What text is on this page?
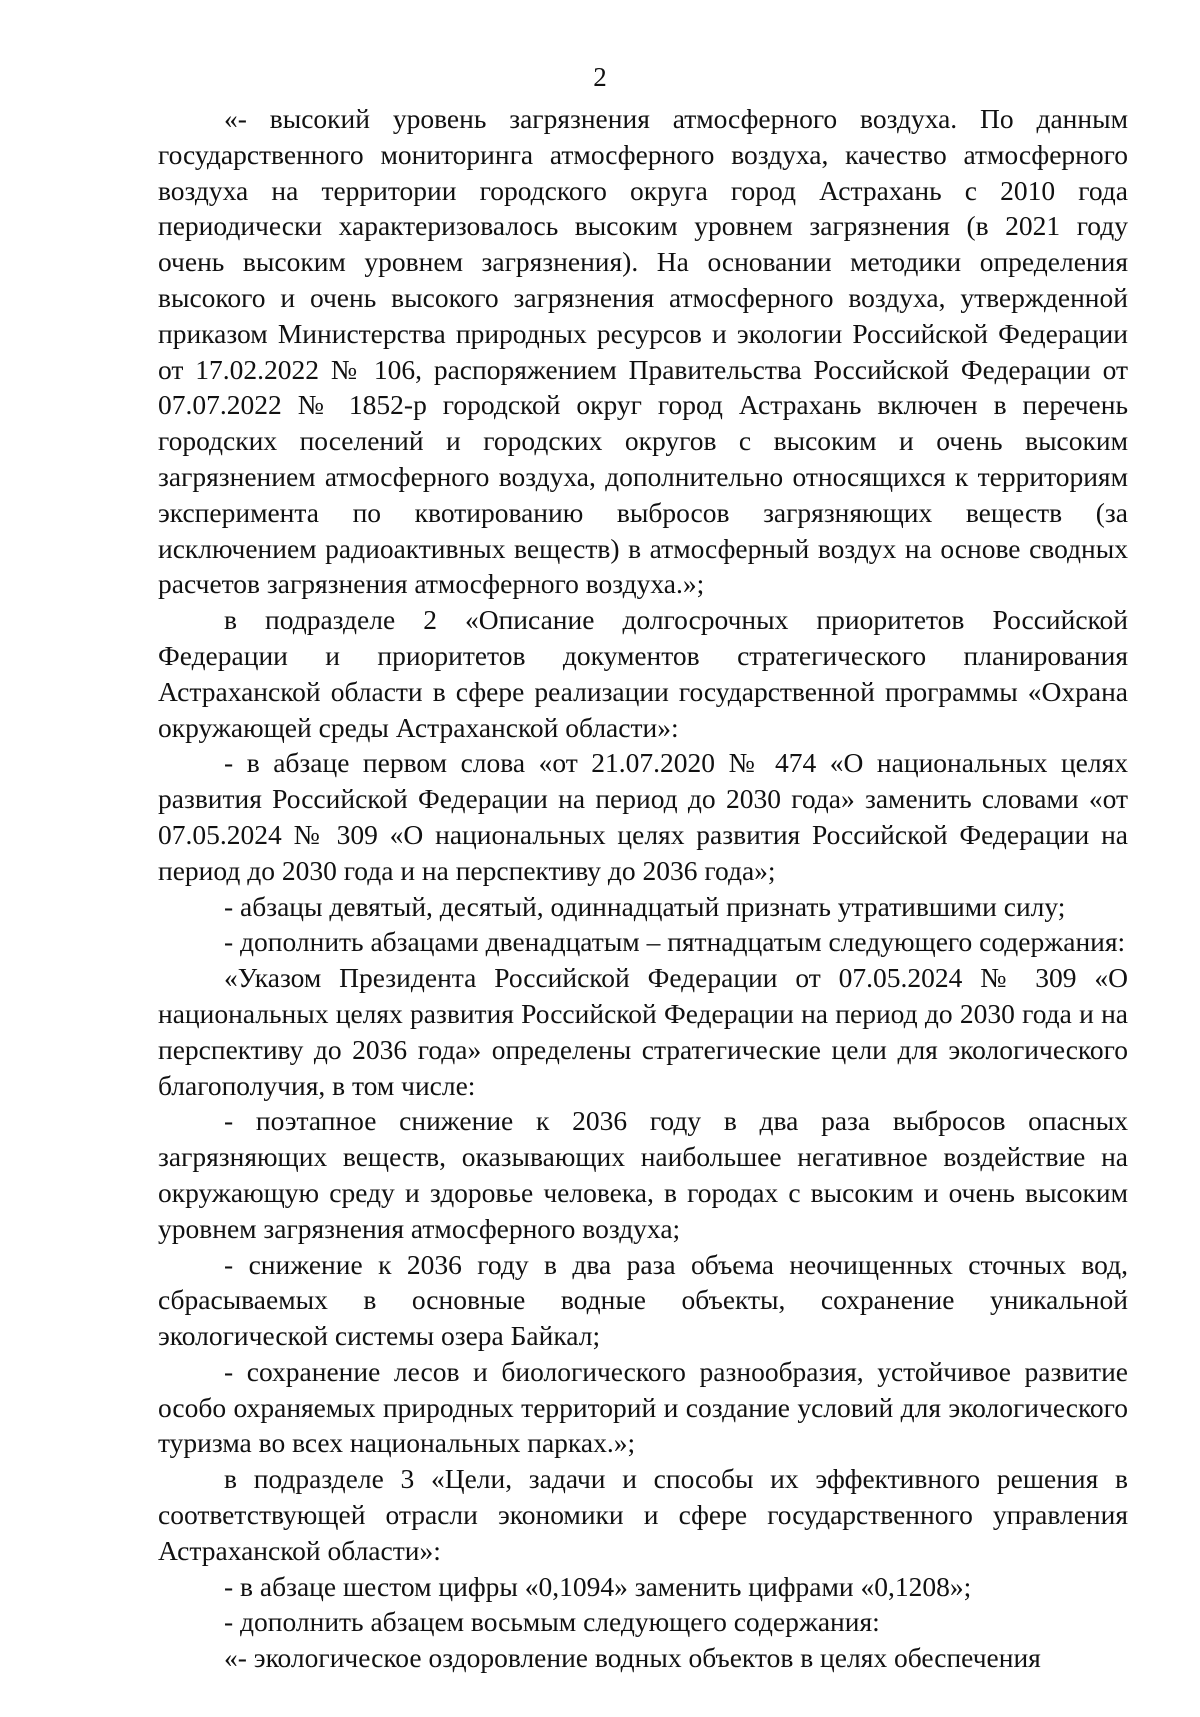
2

«- высокий уровень загрязнения атмосферного воздуха. По данным государственного мониторинга атмосферного воздуха, качество атмосферного воздуха на территории городского округа город Астрахань с 2010 года периодически характеризовалось высоким уровнем загрязнения (в 2021 году очень высоким уровнем загрязнения). На основании методики определения высокого и очень высокого загрязнения атмосферного воздуха, утвержденной приказом Министерства природных ресурсов и экологии Российской Федерации от 17.02.2022 № 106, распоряжением Правительства Российской Федерации от 07.07.2022 № 1852-р городской округ город Астрахань включен в перечень городских поселений и городских округов с высоким и очень высоким загрязнением атмосферного воздуха, дополнительно относящихся к территориям эксперимента по квотированию выбросов загрязняющих веществ (за исключением радиоактивных веществ) в атмосферный воздух на основе сводных расчетов загрязнения атмосферного воздуха.»;

в подразделе 2 «Описание долгосрочных приоритетов Российской Федерации и приоритетов документов стратегического планирования Астраханской области в сфере реализации государственной программы «Охрана окружающей среды Астраханской области»:

- в абзаце первом слова «от 21.07.2020 № 474 «О национальных целях развития Российской Федерации на период до 2030 года» заменить словами «от 07.05.2024 № 309 «О национальных целях развития Российской Федерации на период до 2030 года и на перспективу до 2036 года»;

- абзацы девятый, десятый, одиннадцатый признать утратившими силу;

- дополнить абзацами двенадцатым – пятнадцатым следующего содержания:

«Указом Президента Российской Федерации от 07.05.2024 № 309 «О национальных целях развития Российской Федерации на период до 2030 года и на перспективу до 2036 года» определены стратегические цели для экологического благополучия, в том числе:

- поэтапное снижение к 2036 году в два раза выбросов опасных загрязняющих веществ, оказывающих наибольшее негативное воздействие на окружающую среду и здоровье человека, в городах с высоким и очень высоким уровнем загрязнения атмосферного воздуха;

- снижение к 2036 году в два раза объема неочищенных сточных вод, сбрасываемых в основные водные объекты, сохранение уникальной экологической системы озера Байкал;

- сохранение лесов и биологического разнообразия, устойчивое развитие особо охраняемых природных территорий и создание условий для экологического туризма во всех национальных парках.»;

в подразделе 3 «Цели, задачи и способы их эффективного решения в соответствующей отрасли экономики и сфере государственного управления Астраханской области»:

- в абзаце шестом цифры «0,1094» заменить цифрами «0,1208»;

- дополнить абзацем восьмым следующего содержания:

«- экологическое оздоровление водных объектов в целях обеспечения
